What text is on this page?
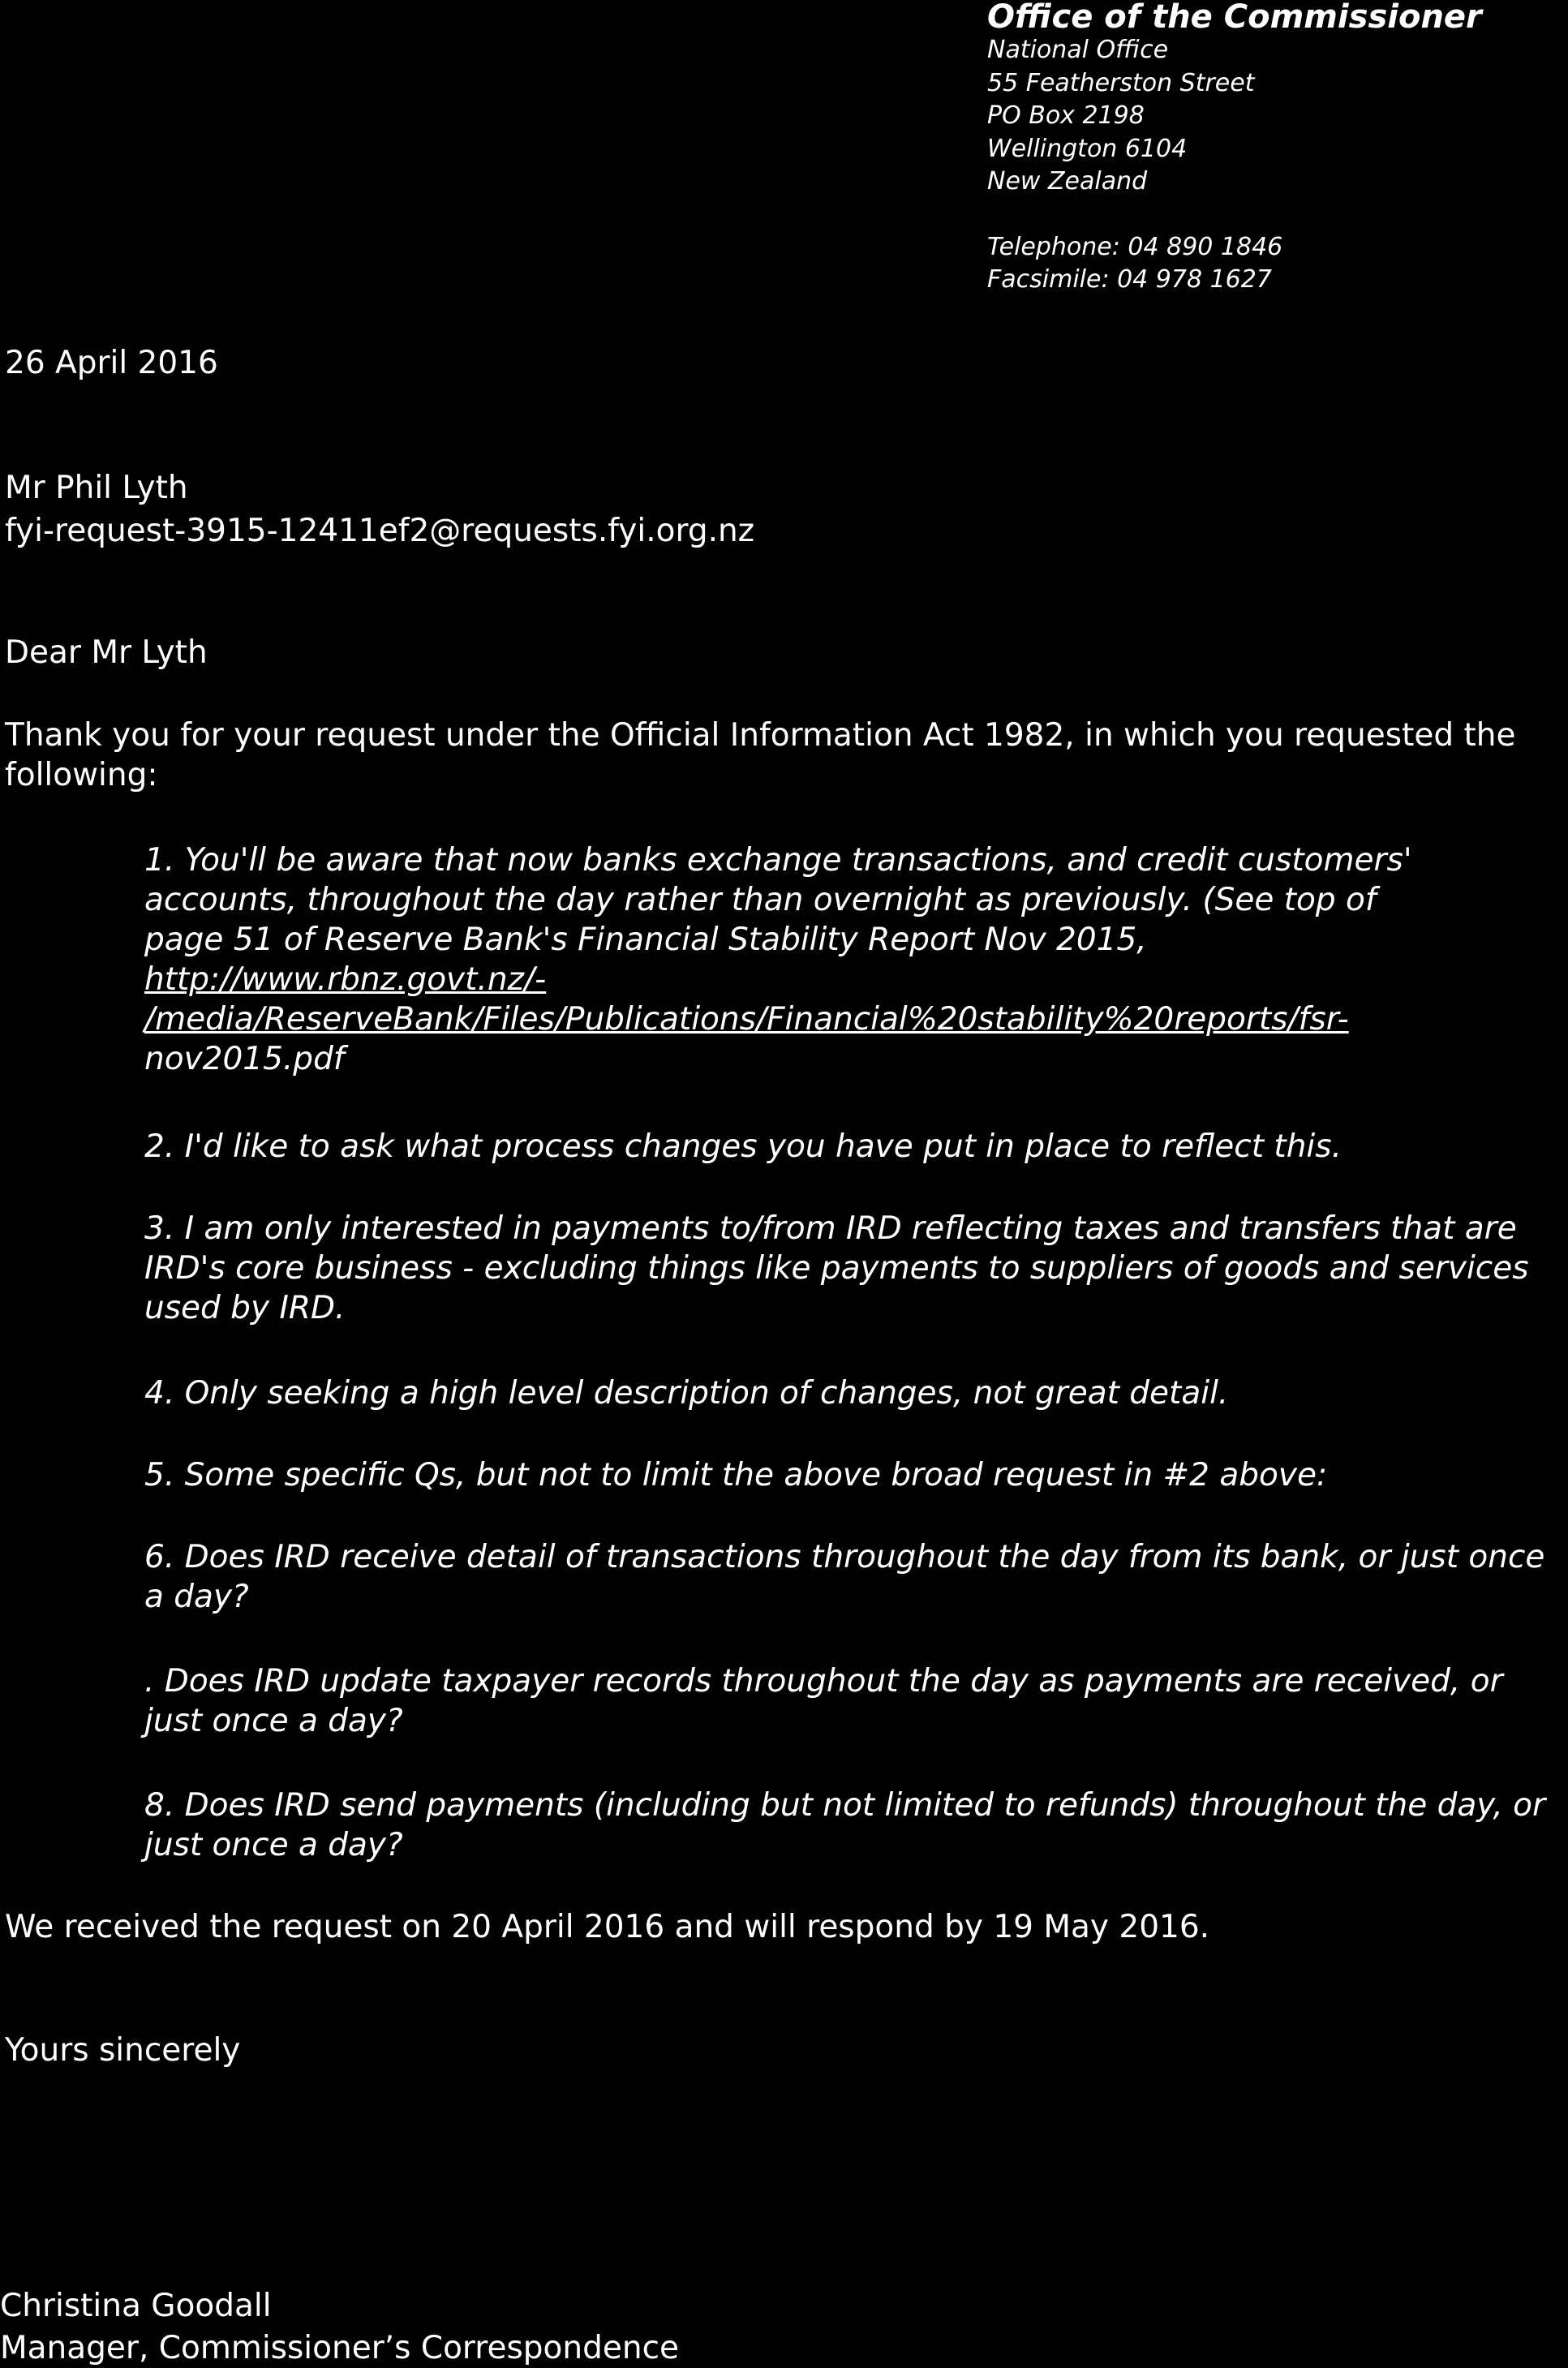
Office of the Commissioner
National Office
55 Featherston Street
PO Box 2198
Wellington 6104
New Zealand
Telephone: 04 890 1846
Facsimile: 04 978 1627
26 April 2016
Mr Phil Lyth
fyi-request-3915-12411ef2@requests.fyi.org.nz
Dear Mr Lyth
Thank you for your request under the Official Information Act 1982, in which you requested the following:
1. You'll be aware that now banks exchange transactions, and credit customers'
accounts, throughout the day rather than overnight as previously. (See top of
page 51 of Reserve Bank's Financial Stability Report Nov 2015,
http://www.rbnz.govt.nz/-
/media/ReserveBank/Files/Publications/Financial%20stability%20reports/fsr-
nov2015.pdf
2. I'd like to ask what process changes you have put in place to reflect this.
3. I am only interested in payments to/from IRD reflecting taxes and transfers that are IRD's core business - excluding things like payments to suppliers of goods and services used by IRD.
4. Only seeking a high level description of changes, not great detail.
5. Some specific Qs, but not to limit the above broad request in #2 above:
6. Does IRD receive detail of transactions throughout the day from its bank, or just once a day?
. Does IRD update taxpayer records throughout the day as payments are received, or just once a day?
8. Does IRD send payments (including but not limited to refunds) throughout the day, or just once a day?
We received the request on 20 April 2016 and will respond by 19 May 2016.
Yours sincerely
Christina Goodall
Manager, Commissioner’s Correspondence
